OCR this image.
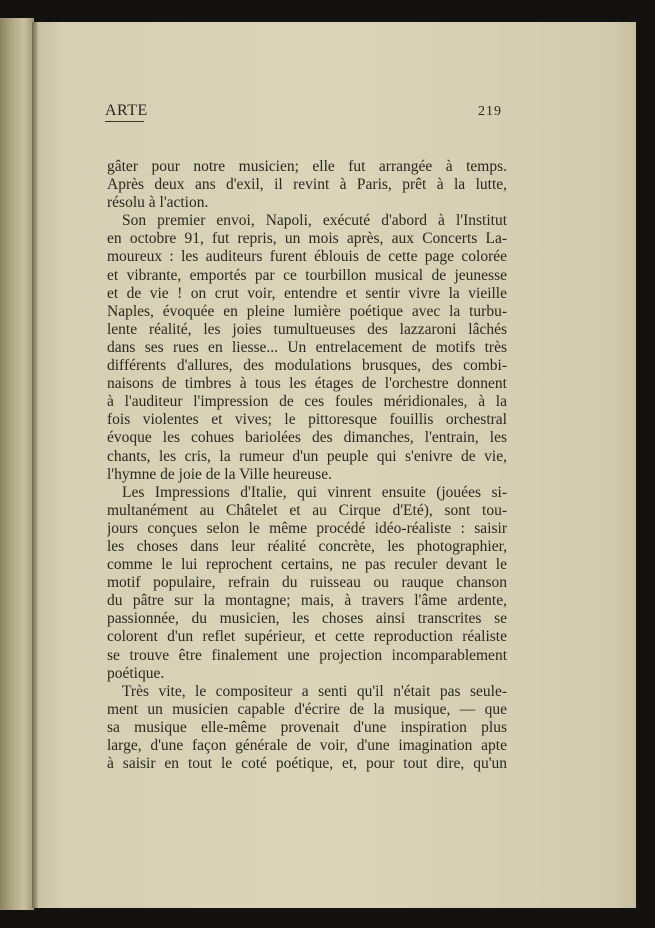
ARTE	219
gâter pour notre musicien; elle fut arrangée à temps.
Après deux ans d'exil, il revint à Paris, prêt à la lutte,
résolu à l'action.
Son premier envoi, Napoli, exécuté d'abord à l'Institut
en octobre 91, fut repris, un mois après, aux Concerts La-
moureux : les auditeurs furent éblouis de cette page colorée
et vibrante, emportés par ce tourbillon musical de jeunesse
et de vie ! on crut voir, entendre et sentir vivre la vieille
Naples, évoquée en pleine lumière poétique avec la turbu-
lente réalité, les joies tumultueuses des lazzaroni lâchés
dans ses rues en liesse... Un entrelacement de motifs très
différents d'allures, des modulations brusques, des combi-
naisons de timbres à tous les étages de l'orchestre donnent
à l'auditeur l'impression de ces foules méridionales, à la
fois violentes et vives; le pittoresque fouillis orchestral
évoque les cohues bariolées des dimanches, l'entrain, les
chants, les cris, la rumeur d'un peuple qui s'enivre de vie,
l'hymne de joie de la Ville heureuse.
Les Impressions d'Italie, qui vinrent ensuite (jouées si-
multanément au Châtelet et au Cirque d'Eté), sont tou-
jours conçues selon le même procédé idéo-réaliste : saisir
les choses dans leur réalité concrète, les photographier,
comme le lui reprochent certains, ne pas reculer devant le
motif populaire, refrain du ruisseau ou rauque chanson
du pâtre sur la montagne; mais, à travers l'âme ardente,
passionnée, du musicien, les choses ainsi transcrites se
colorent d'un reflet supérieur, et cette reproduction réaliste
se trouve être finalement une projection incomparablement
poétique.
Très vite, le compositeur a senti qu'il n'était pas seule-
ment un musicien capable d'écrire de la musique, — que
sa musique elle-même provenait d'une inspiration plus
large, d'une façon générale de voir, d'une imagination apte
à saisir en tout le coté poétique, et, pour tout dire, qu'un
